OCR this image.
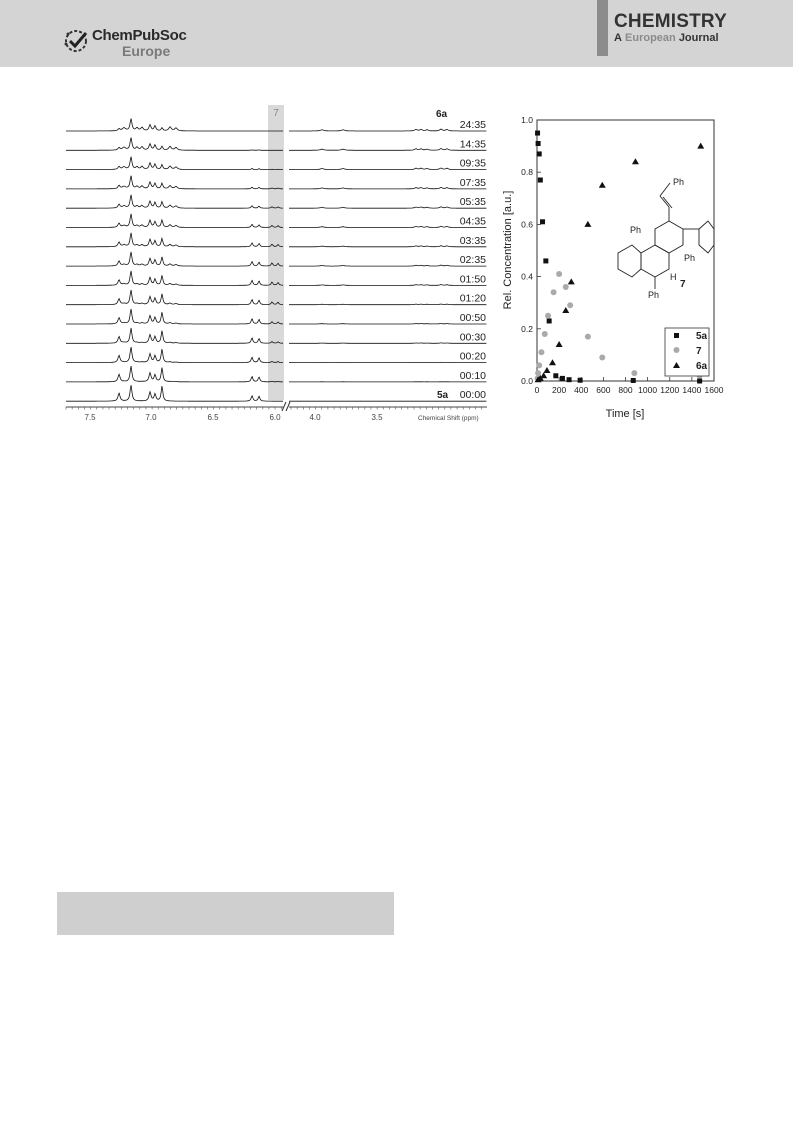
ChemPubSoc
Europe
CHEMISTRY
A European Journal
7	6a
24:35
14:35
09:35
07:35
05:35
04:35
03:35
02:35
01:50
01:20
00:50
00:30
00:20
00:10
00:00
5a
7.5	7.0	6.5	6.0	4.0	3.5	Chemical Shift (ppm)
0 200 400 600 800 1000 1200 1400 1600
0.0
0.2
0.4
0.6
0.8
1.0
Time [s]
Rel. Concentration [a.u.]
5a
7
6a
Ph
Ph
Ph
Ph
H
7
